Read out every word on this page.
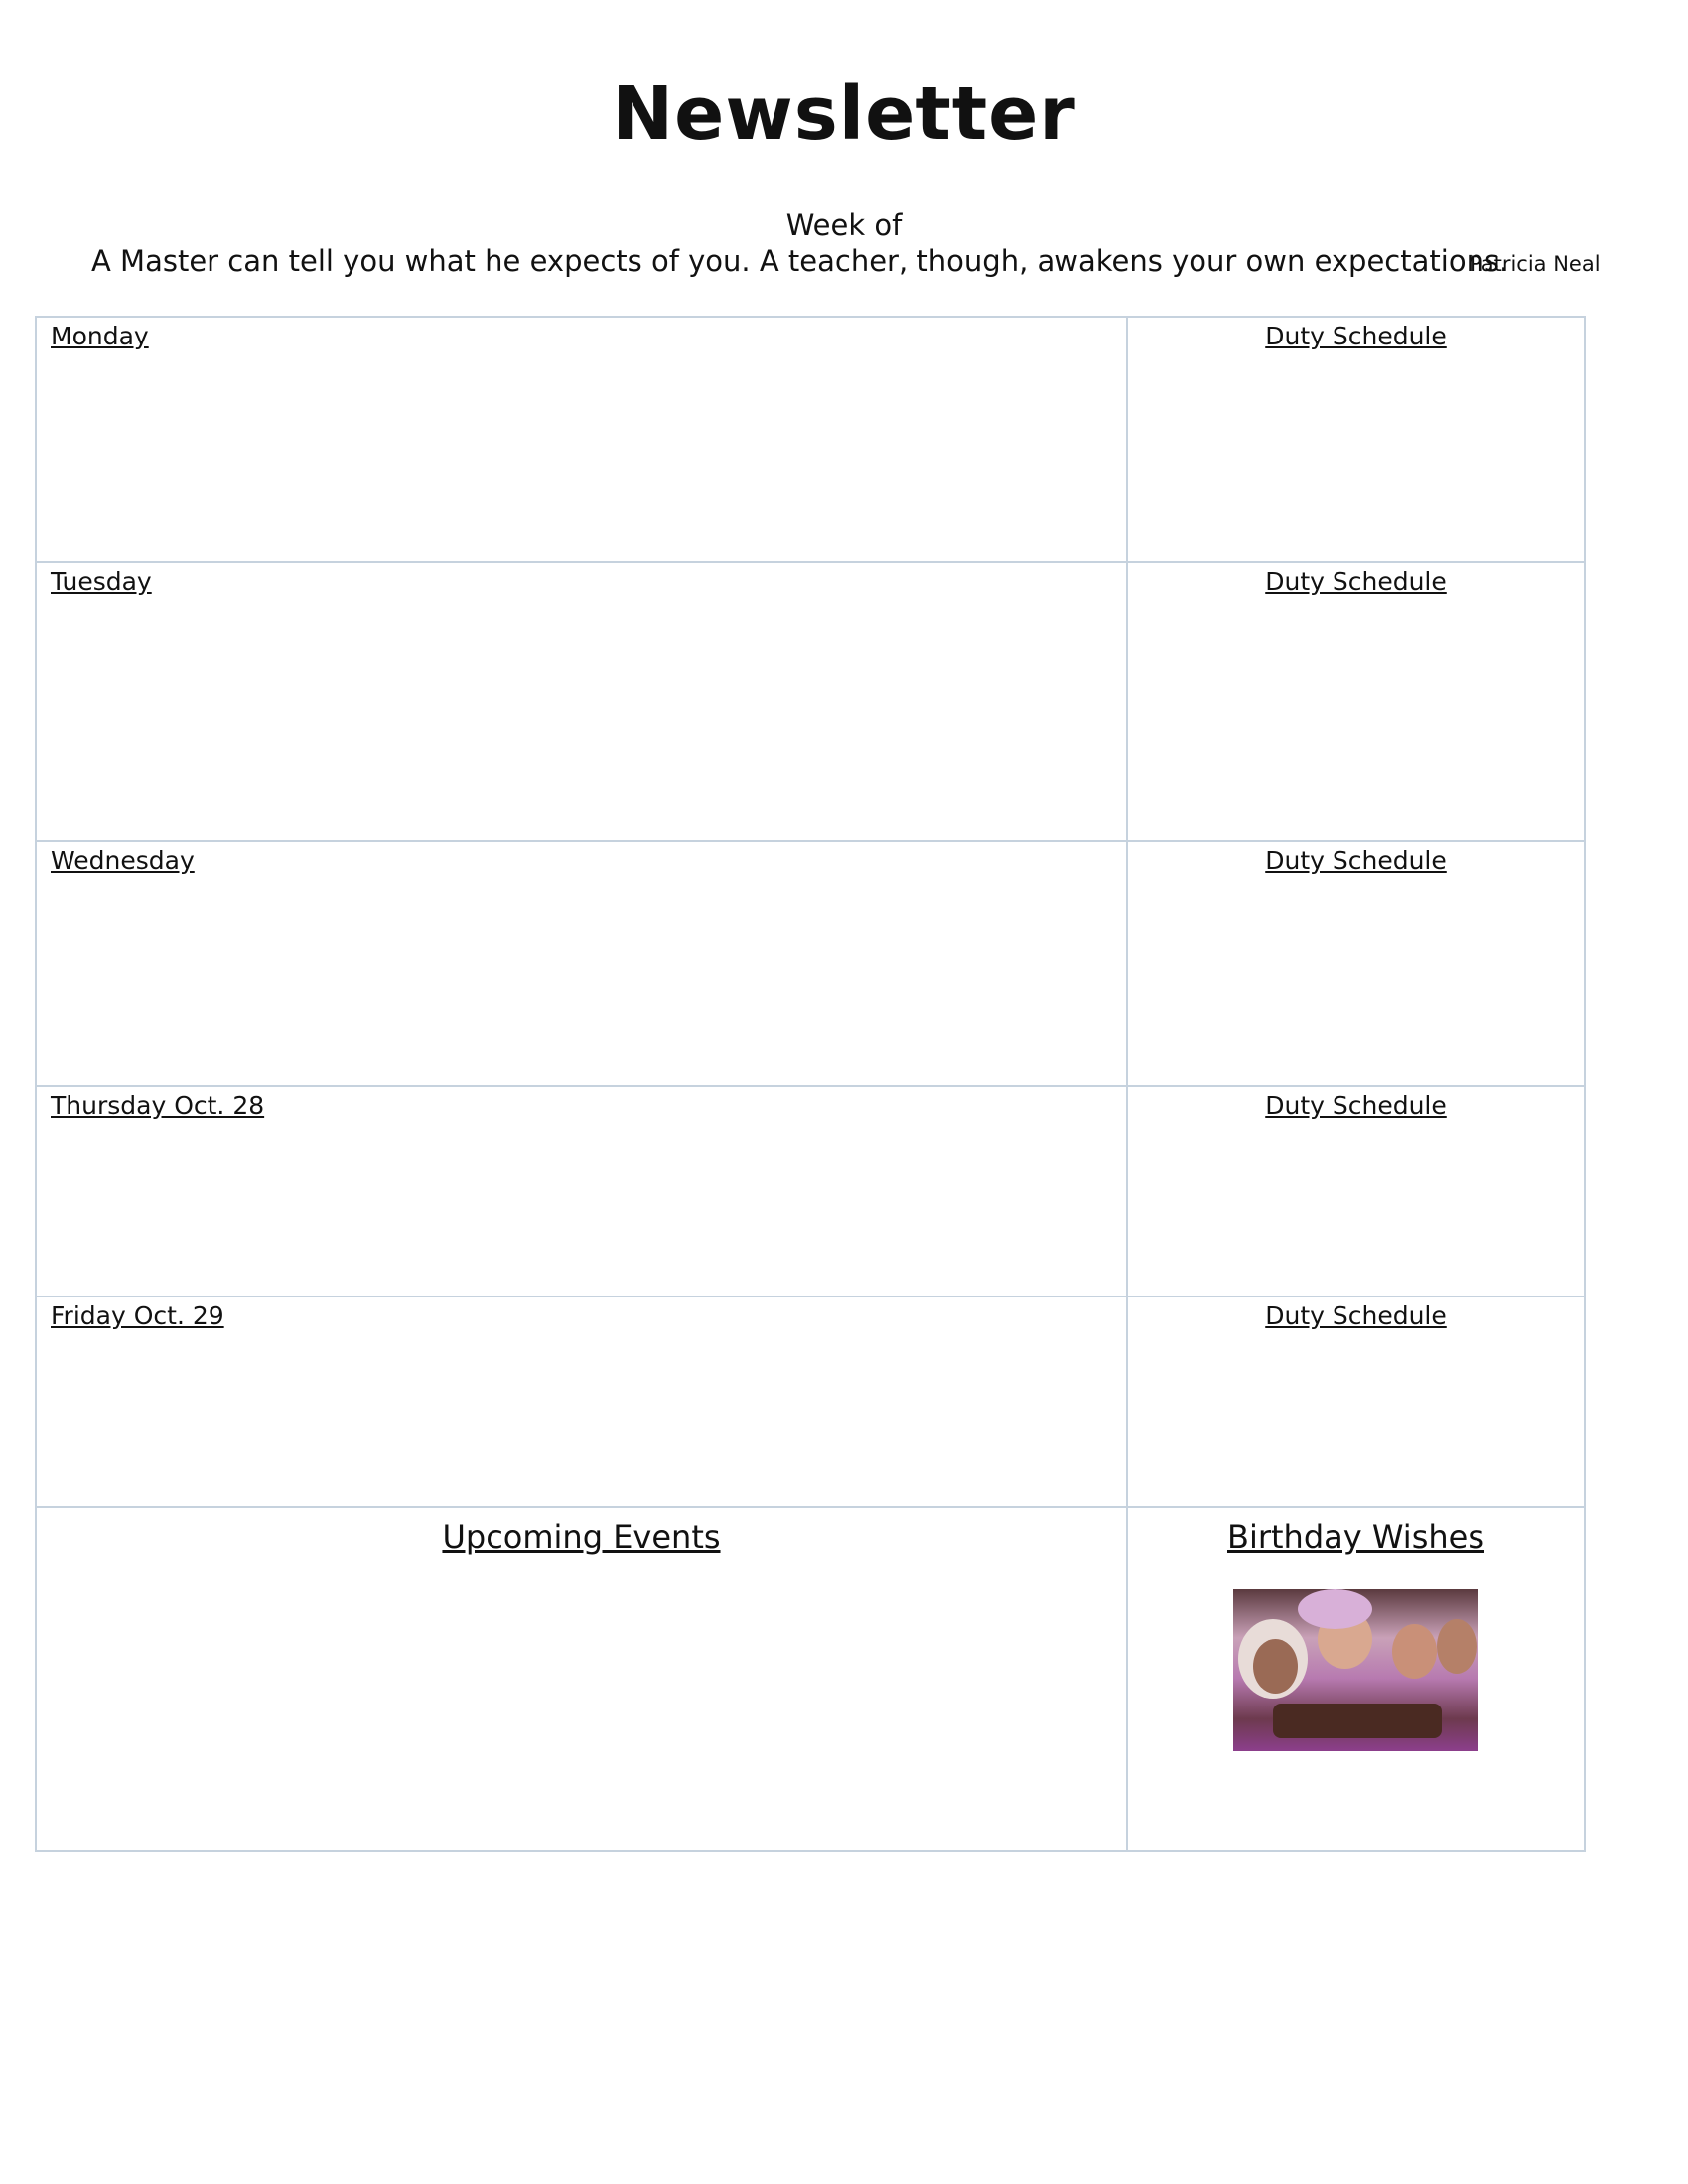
Newsletter
Week of
A Master can tell you what he expects of you. A teacher, though, awakens your own expectations.
Patricia Neal
Monday	Duty Schedule

Tuesday	Duty Schedule

Wednesday	Duty Schedule

Thursday Oct. 28	Duty Schedule

Friday Oct. 29	Duty Schedule

Upcoming Events	Birthday Wishes
